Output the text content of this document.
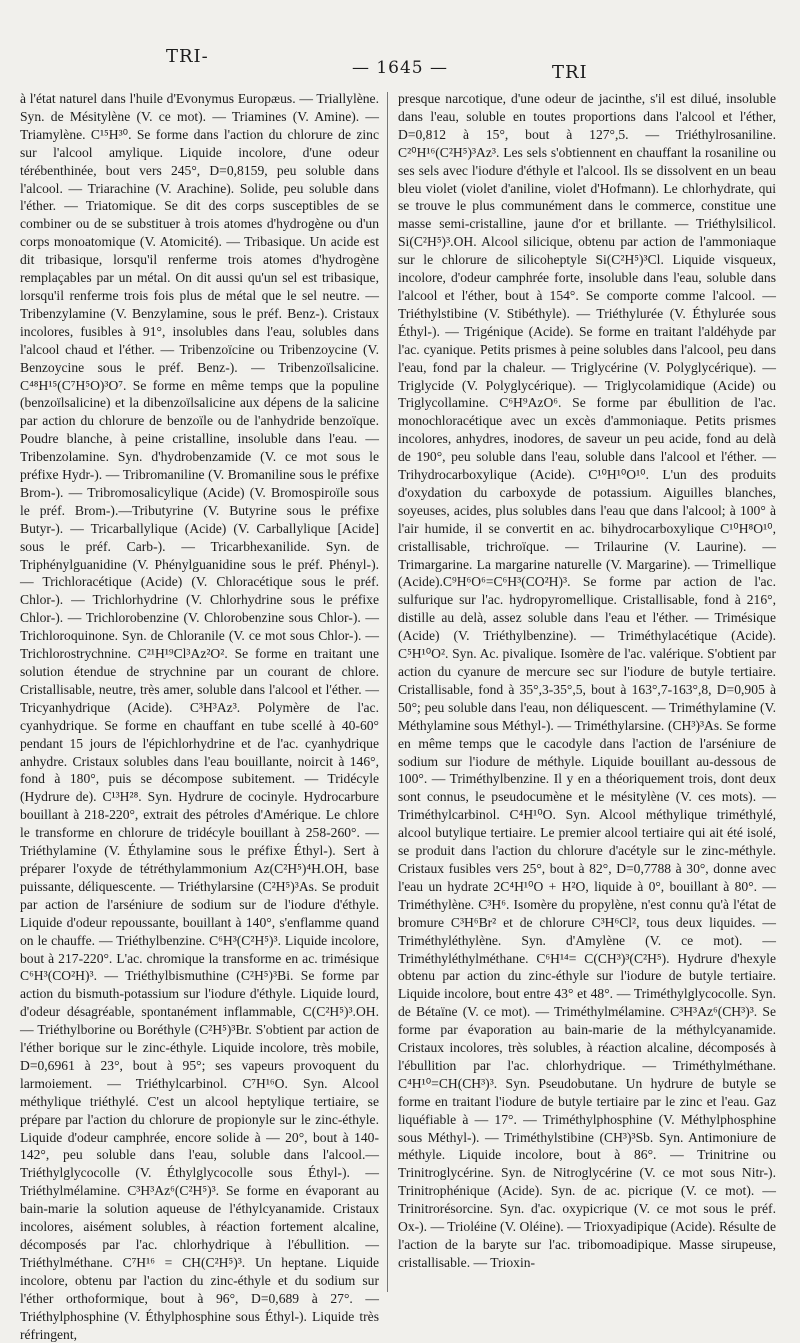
TRI-
— 1645 —	TRI
à l'état naturel dans l'huile d'Evonymus Europæus. — Triallylène. Syn. de Mésitylène (V. ce mot). — Triamines (V. Amine). — Triamylène. C¹⁵H³⁰. Se forme dans l'action du chlorure de zinc sur l'alcool amylique. Liquide incolore, d'une odeur térébenthinée, bout vers 245°, D=0,8159, peu soluble dans l'alcool. — Triarachine (V. Arachine). Solide, peu soluble dans l'éther. — Triatomique. Se dit des corps susceptibles de se combiner ou de se substituer à trois atomes d'hydrogène ou d'un corps monoatomique (V. Atomicité). — Tribasique. Un acide est dit tribasique, lorsqu'il renferme trois atomes d'hydrogène remplaçables par un métal. On dit aussi qu'un sel est tribasique, lorsqu'il renferme trois fois plus de métal que le sel neutre. — Tribenzylamine (V. Benzylamine, sous le préf. Benz-). Cristaux incolores, fusibles à 91°, insolubles dans l'eau, solubles dans l'alcool chaud et l'éther. — Tribenzoïcine ou Tribenzoycine (V. Benzoycine sous le préf. Benz-). — Tribenzoïlsalicine. C⁴⁸H¹⁵(C⁷H⁵O)³O⁷. Se forme en même temps que la populine (benzoïlsalicine) et la dibenzoïlsalicine aux dépens de la salicine par action du chlorure de benzoïle ou de l'anhydride benzoïque. Poudre blanche, à peine cristalline, insoluble dans l'eau. — Tribenzolamine. Syn. d'hydrobenzamide (V. ce mot sous le préfixe Hydr-). — Tribromaniline (V. Bromaniline sous le préfixe Brom-). — Tribromosalicylique (Acide) (V. Bromospiroïle sous le préf. Brom-).—Tributyrine (V. Butyrine sous le préfixe Butyr-). — Tricarballylique (Acide) (V. Carballylique [Acide] sous le préf. Carb-). — Tricarbhexanilide. Syn. de Triphénylguanidine (V. Phénylguanidine sous le préf. Phényl-). — Trichloracétique (Acide) (V. Chloracétique sous le préf. Chlor-). — Trichlorhydrine (V. Chlorhydrine sous le préfixe Chlor-). — Trichlorobenzine (V. Chlorobenzine sous Chlor-). — Trichloroquinone. Syn. de Chloranile (V. ce mot sous Chlor-). — Trichlorostrychnine. C²¹H¹⁹Cl³Az²O². Se forme en traitant une solution étendue de strychnine par un courant de chlore. Cristallisable, neutre, très amer, soluble dans l'alcool et l'éther. — Tricyanhydrique (Acide). C³H³Az³. Polymère de l'ac. cyanhydrique. Se forme en chauffant en tube scellé à 40-60° pendant 15 jours de l'épichlorhydrine et de l'ac. cyanhydrique anhydre. Cristaux solubles dans l'eau bouillante, noircit à 146°, fond à 180°, puis se décompose subitement. — Tridécyle (Hydrure de). C¹³H²⁸. Syn. Hydrure de cocinyle. Hydrocarbure bouillant à 218-220°, extrait des pétroles d'Amérique. Le chlore le transforme en chlorure de tridécyle bouillant à 258-260°. — Triéthylamine (V. Éthylamine sous le préfixe Éthyl-). Sert à préparer l'oxyde de tétréthylammonium Az(C²H⁵)⁴H.OH, base puissante, déliquescente. — Triéthylarsine (C²H⁵)³As. Se produit par action de l'arséniure de sodium sur de l'iodure d'éthyle. Liquide d'odeur repoussante, bouillant à 140°, s'enflamme quand on le chauffe. — Triéthylbenzine. C⁶H³(C²H⁵)³. Liquide incolore, bout à 217-220°. L'ac. chromique la transforme en ac. trimésique C⁶H³(CO²H)³. — Triéthylbismuthine (C²H⁵)³Bi. Se forme par action du bismuth-potassium sur l'iodure d'éthyle. Liquide lourd, d'odeur désagréable, spontanément inflammable, C(C²H⁵)³.OH. — Triéthylborine ou Boréthyle (C²H⁵)³Br. S'obtient par action de l'éther borique sur le zinc-éthyle. Liquide incolore, très mobile, D=0,6961 à 23°, bout à 95°; ses vapeurs provoquent du larmoiement. — Triéthylcarbinol. C⁷H¹⁶O. Syn. Alcool méthylique triéthylé. C'est un alcool heptylique tertiaire, se prépare par l'action du chlorure de propionyle sur le zinc-éthyle. Liquide d'odeur camphrée, encore solide à — 20°, bout à 140-142°, peu soluble dans l'eau, soluble dans l'alcool.—Triéthylglycocolle (V. Éthylglycocolle sous Éthyl-). — Triéthylmélamine. C³H³Az⁶(C²H⁵)³. Se forme en évaporant au bain-marie la solution aqueuse de l'éthylcyanamide. Cristaux incolores, aisément solubles, à réaction fortement alcaline, décomposés par l'ac. chlorhydrique à l'ébullition. — Triéthylméthane. C⁷H¹⁶ = CH(C²H⁵)³. Un heptane. Liquide incolore, obtenu par l'action du zinc-éthyle et du sodium sur l'éther orthoformique, bout à 96°, D=0,689 à 27°. — Triéthylphosphine (V. Éthylphosphine sous Éthyl-). Liquide très réfringent,
presque narcotique, d'une odeur de jacinthe, s'il est dilué, insoluble dans l'eau, soluble en toutes proportions dans l'alcool et l'éther, D=0,812 à 15°, bout à 127°,5. — Triéthylrosaniline. C²⁰H¹⁶(C²H⁵)³Az³. Les sels s'obtiennent en chauffant la rosaniline ou ses sels avec l'iodure d'éthyle et l'alcool. Ils se dissolvent en un beau bleu violet (violet d'aniline, violet d'Hofmann). Le chlorhydrate, qui se trouve le plus communément dans le commerce, constitue une masse semi-cristalline, jaune d'or et brillante. — Triéthylsilicol. Si(C²H⁵)³.OH. Alcool silicique, obtenu par action de l'ammoniaque sur le chlorure de silicoheptyle Si(C²H⁵)³Cl. Liquide visqueux, incolore, d'odeur camphrée forte, insoluble dans l'eau, soluble dans l'alcool et l'éther, bout à 154°. Se comporte comme l'alcool. — Triéthylstibine (V. Stibéthyle). — Triéthylurée (V. Éthylurée sous Éthyl-). — Trigénique (Acide). Se forme en traitant l'aldéhyde par l'ac. cyanique. Petits prismes à peine solubles dans l'alcool, peu dans l'eau, fond par la chaleur. — Triglycérine (V. Polyglycérique). — Triglycide (V. Polyglycérique). — Triglycolamidique (Acide) ou Triglycollamine. C⁶H⁹AzO⁶. Se forme par ébullition de l'ac. monochloracétique avec un excès d'ammoniaque. Petits prismes incolores, anhydres, inodores, de saveur un peu acide, fond au delà de 190°, peu soluble dans l'eau, soluble dans l'alcool et l'éther. — Trihydrocarboxylique (Acide). C¹⁰H¹⁰O¹⁰. L'un des produits d'oxydation du carboxyde de potassium. Aiguilles blanches, soyeuses, acides, plus solubles dans l'eau que dans l'alcool; à 100° à l'air humide, il se convertit en ac. bihydrocarboxylique C¹⁰H⁸O¹⁰, cristallisable, trichroïque. — Trilaurine (V. Laurine). — Trimargarine. La margarine naturelle (V. Margarine). — Trimellique (Acide).C⁹H⁶O⁶=C⁶H³(CO²H)³. Se forme par action de l'ac. sulfurique sur l'ac. hydropyromellique. Cristallisable, fond à 216°, distille au delà, assez soluble dans l'eau et l'éther. — Trimésique (Acide) (V. Triéthylbenzine). — Triméthylacétique (Acide). C⁵H¹⁰O². Syn. Ac. pivalique. Isomère de l'ac. valérique. S'obtient par action du cyanure de mercure sec sur l'iodure de butyle tertiaire. Cristallisable, fond à 35°,3-35°,5, bout à 163°,7-163°,8, D=0,905 à 50°; peu soluble dans l'eau, non déliquescent. — Triméthylamine (V. Méthylamine sous Méthyl-). — Triméthylarsine. (CH³)³As. Se forme en même temps que le cacodyle dans l'action de l'arséniure de sodium sur l'iodure de méthyle. Liquide bouillant au-dessous de 100°. — Triméthylbenzine. Il y en a théoriquement trois, dont deux sont connus, le pseudocumène et le mésitylène (V. ces mots). — Triméthylcarbinol. C⁴H¹⁰O. Syn. Alcool méthylique triméthylé, alcool butylique tertiaire. Le premier alcool tertiaire qui ait été isolé, se produit dans l'action du chlorure d'acétyle sur le zinc-méthyle. Cristaux fusibles vers 25°, bout à 82°, D=0,7788 à 30°, donne avec l'eau un hydrate 2C⁴H¹⁰O + H²O, liquide à 0°, bouillant à 80°. — Triméthylène. C³H⁶. Isomère du propylène, n'est connu qu'à l'état de bromure C³H⁶Br² et de chlorure C³H⁶Cl², tous deux liquides. — Triméthyléthylène. Syn. d'Amylène (V. ce mot). — Triméthyléthylméthane. C⁶H¹⁴= C(CH³)³(C²H⁵). Hydrure d'hexyle obtenu par action du zinc-éthyle sur l'iodure de butyle tertiaire. Liquide incolore, bout entre 43° et 48°. — Triméthylglycocolle. Syn. de Bétaïne (V. ce mot). — Triméthylmélamine. C³H³Az⁶(CH³)³. Se forme par évaporation au bain-marie de la méthylcyanamide. Cristaux incolores, très solubles, à réaction alcaline, décomposés à l'ébullition par l'ac. chlorhydrique. — Triméthylméthane. C⁴H¹⁰=CH(CH³)³. Syn. Pseudobutane. Un hydrure de butyle se forme en traitant l'iodure de butyle tertiaire par le zinc et l'eau. Gaz liquéfiable à — 17°. — Triméthylphosphine (V. Méthylphosphine sous Méthyl-). — Triméthylstibine (CH³)³Sb. Syn. Antimoniure de méthyle. Liquide incolore, bout à 86°. — Trinitrine ou Trinitroglycérine. Syn. de Nitroglycérine (V. ce mot sous Nitr-). Trinitrophénique (Acide). Syn. de ac. picrique (V. ce mot). — Trinitrorésorcine. Syn. d'ac. oxypicrique (V. ce mot sous le préf. Ox-). — Trioléine (V. Oléine). — Trioxyadipique (Acide). Résulte de l'action de la baryte sur l'ac. tribomoadipique. Masse sirupeuse, cristallisable. — Trioxin-
